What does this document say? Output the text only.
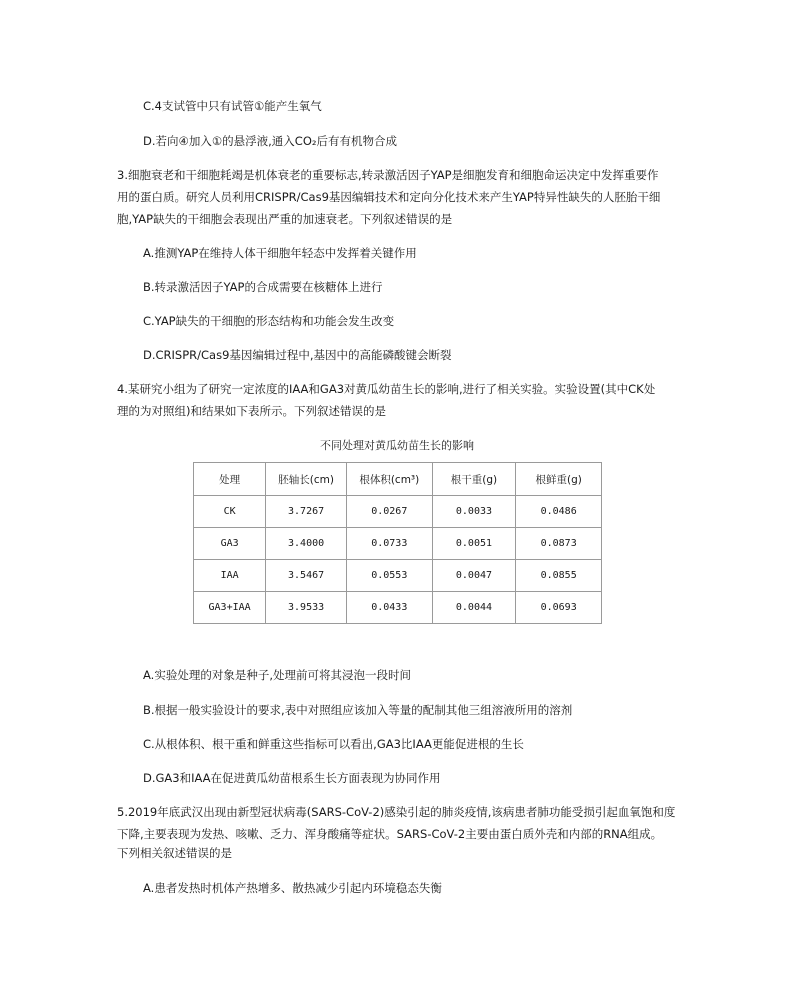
C.4支试管中只有试管①能产生氧气
D.若向④加入①的悬浮液,通入CO₂后有有机物合成
3.细胞衰老和干细胞耗竭是机体衰老的重要标志,转录激活因子YAP是细胞发育和细胞命运决定中发挥重要作
用的蛋白质。研究人员利用CRISPR/Cas9基因编辑技术和定向分化技术来产生YAP特异性缺失的人胚胎干细
胞,YAP缺失的干细胞会表现出严重的加速衰老。下列叙述错误的是
A.推测YAP在维持人体干细胞年轻态中发挥着关键作用
B.转录激活因子YAP的合成需要在核糖体上进行
C.YAP缺失的干细胞的形态结构和功能会发生改变
D.CRISPR/Cas9基因编辑过程中,基因中的高能磷酸键会断裂
4.某研究小组为了研究一定浓度的IAA和GA3对黄瓜幼苗生长的影响,进行了相关实验。实验设置(其中CK处
理的为对照组)和结果如下表所示。下列叙述错误的是
不同处理对黄瓜幼苗生长的影响
处理	胚轴长(cm)	根体积(cm³)	根干重(g)	根鲜重(g)
CK	3.7267	0.0267	0.0033	0.0486
GA3	3.4000	0.0733	0.0051	0.0873
IAA	3.5467	0.0553	0.0047	0.0855
GA3+IAA	3.9533	0.0433	0.0044	0.0693
A.实验处理的对象是种子,处理前可将其浸泡一段时间
B.根据一般实验设计的要求,表中对照组应该加入等量的配制其他三组溶液所用的溶剂
C.从根体积、根干重和鲜重这些指标可以看出,GA3比IAA更能促进根的生长
D.GA3和IAA在促进黄瓜幼苗根系生长方面表现为协同作用
5.2019年底武汉出现由新型冠状病毒(SARS-CoV-2)感染引起的肺炎疫情,该病患者肺功能受损引起血氧饱和度
下降,主要表现为发热、咳嗽、乏力、浑身酸痛等症状。SARS-CoV-2主要由蛋白质外壳和内部的RNA组成。
下列相关叙述错误的是
A.患者发热时机体产热增多、散热减少引起内环境稳态失衡
